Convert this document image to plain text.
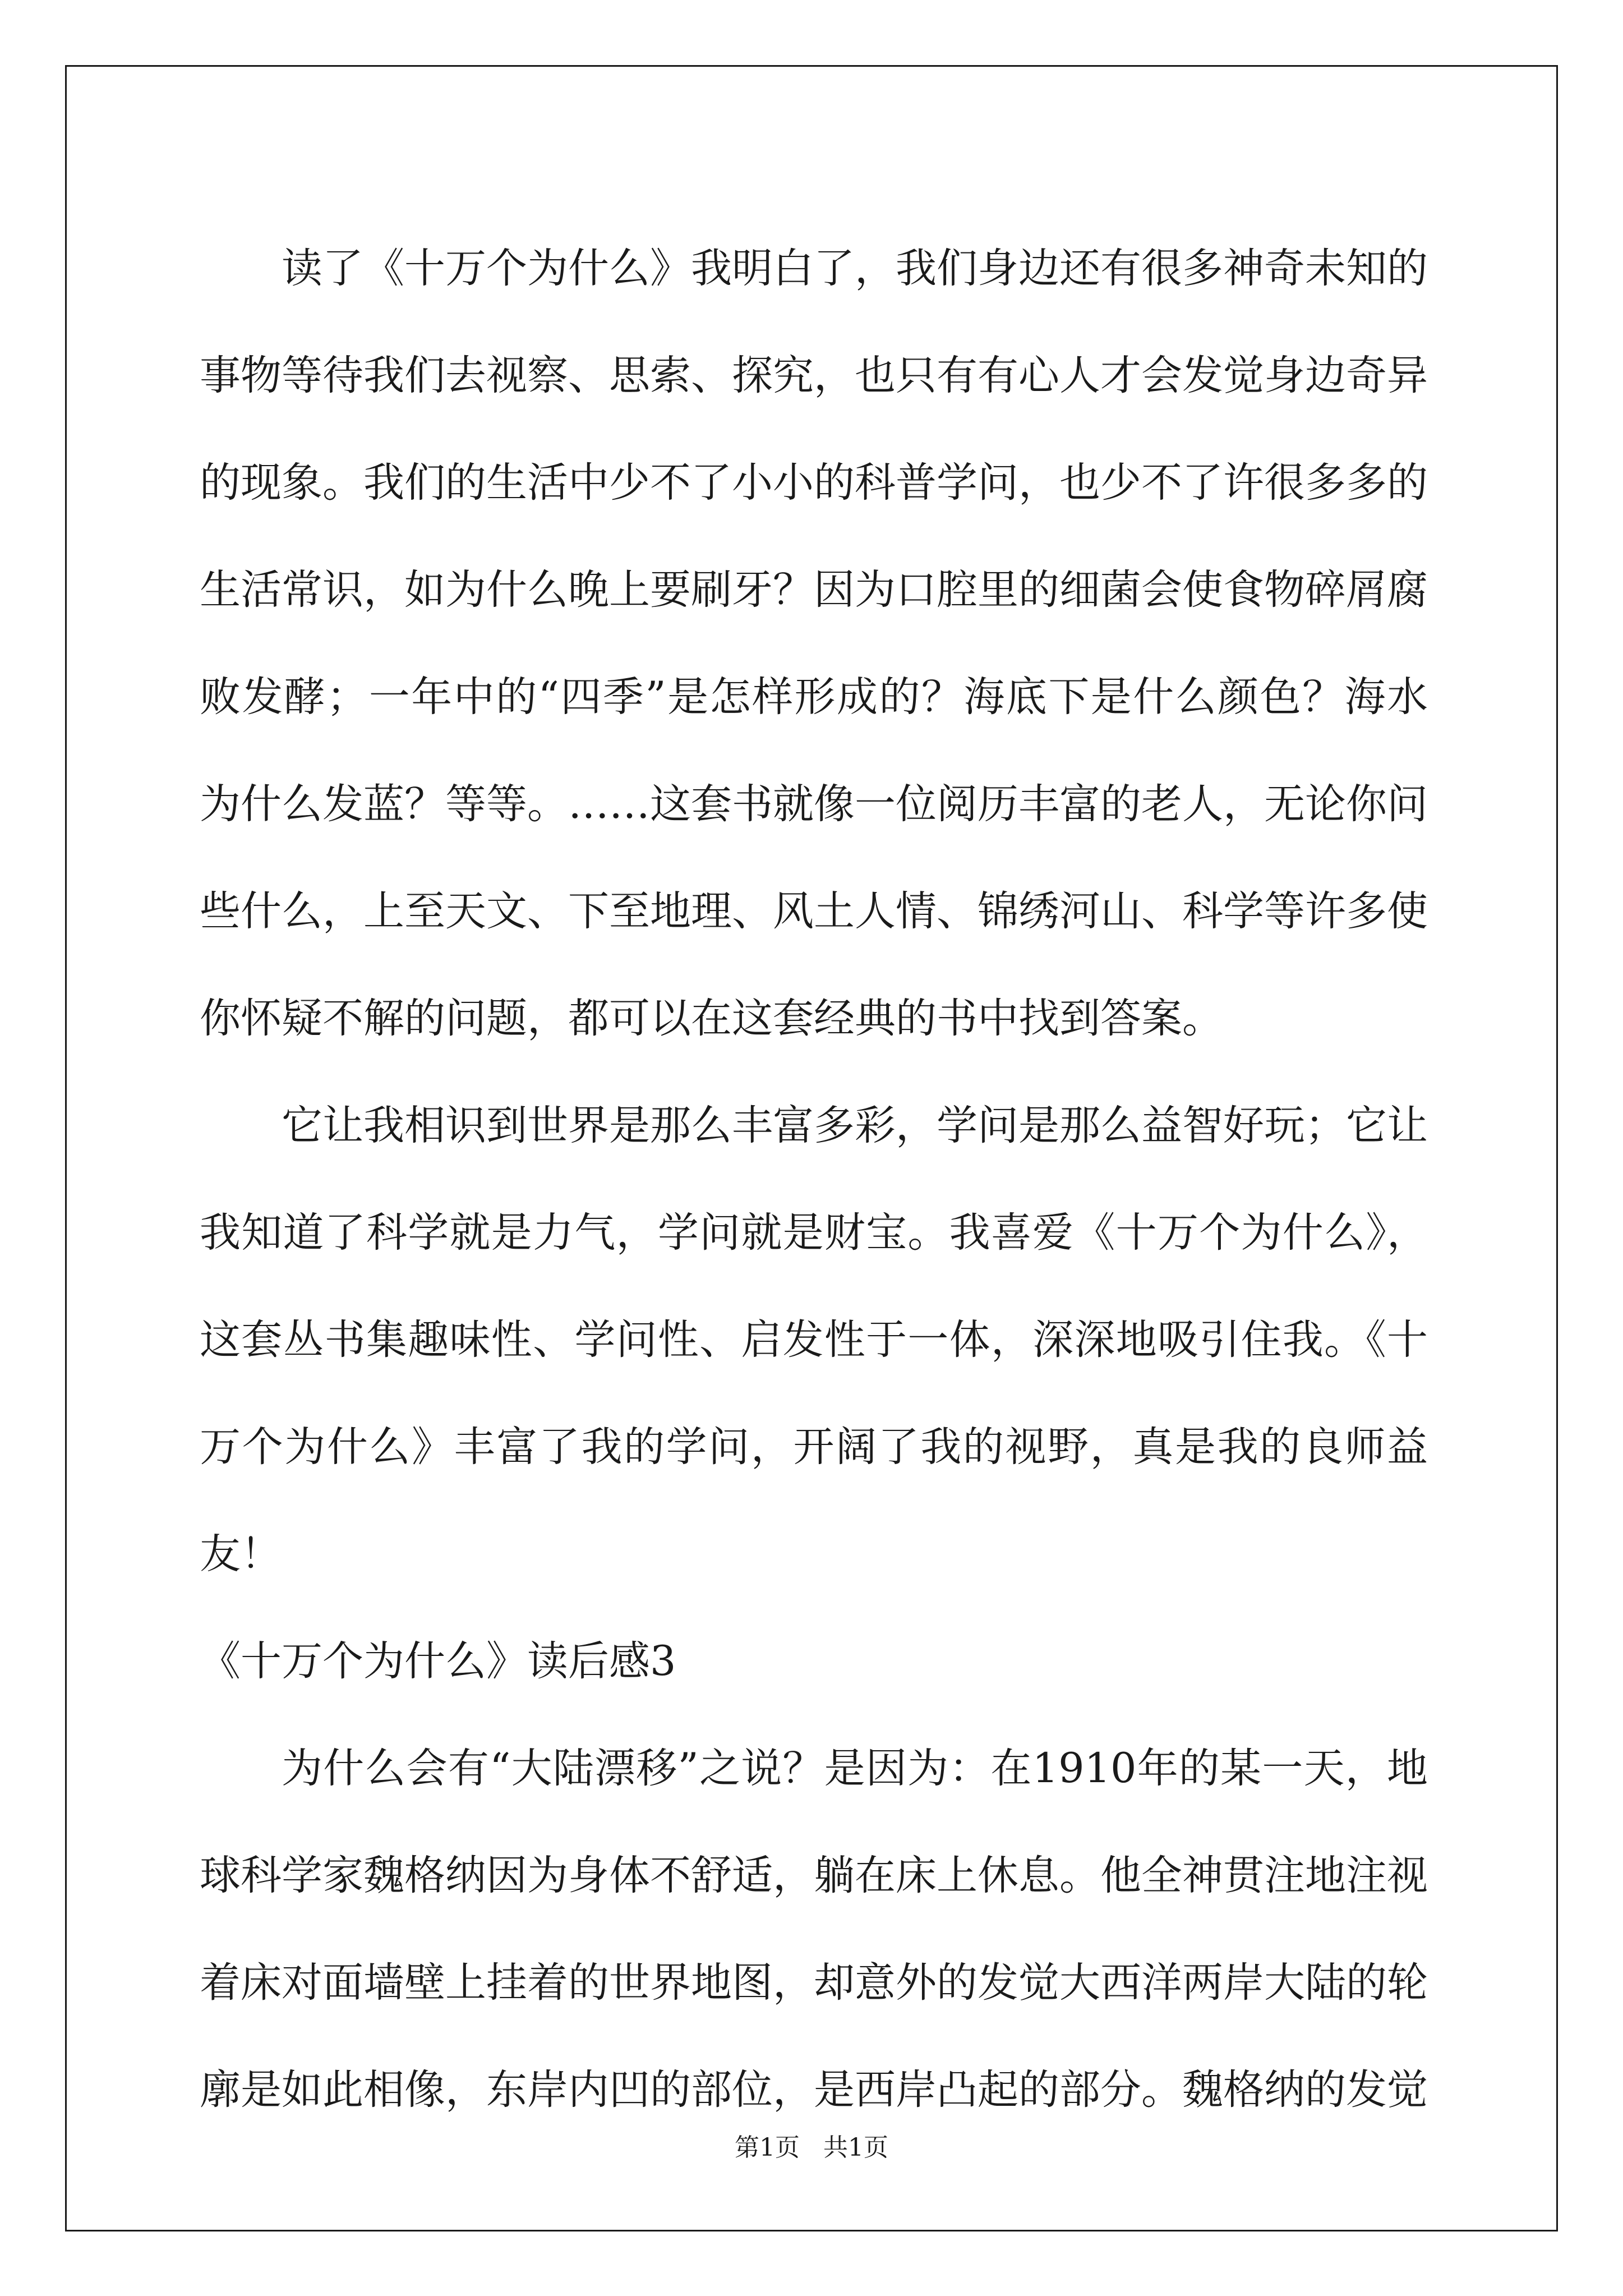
读了《十万个为什么》我明白了，我们身边还有很多神奇未知的事物等待我们去视察、思索、探究，也只有有心人才会发觉身边奇异的现象。我们的生活中少不了小小的科普学问，也少不了许很多多的生活常识，如为什么晚上要刷牙？因为口腔里的细菌会使食物碎屑腐败发酵；一年中的“四季”是怎样形成的？海底下是什么颜色？海水为什么发蓝？等等。……这套书就像一位阅历丰富的老人，无论你问些什么，上至天文、下至地理、风土人情、锦绣河山、科学等许多使你怀疑不解的问题，都可以在这套经典的书中找到答案。

它让我相识到世界是那么丰富多彩，学问是那么益智好玩；它让我知道了科学就是力气，学问就是财宝。我喜爱《十万个为什么》，这套丛书集趣味性、学问性、启发性于一体，深深地吸引住我。《十万个为什么》丰富了我的学问，开阔了我的视野，真是我的良师益友！

《十万个为什么》读后感3

为什么会有“大陆漂移”之说？是因为：在1910年的某一天，地球科学家魏格纳因为身体不舒适，躺在床上休息。他全神贯注地注视着床对面墙壁上挂着的世界地图，却意外的发觉大西洋两岸大陆的轮廓是如此相像，东岸内凹的部位，是西岸凸起的部分。魏格纳的发觉

第1页   共1页
